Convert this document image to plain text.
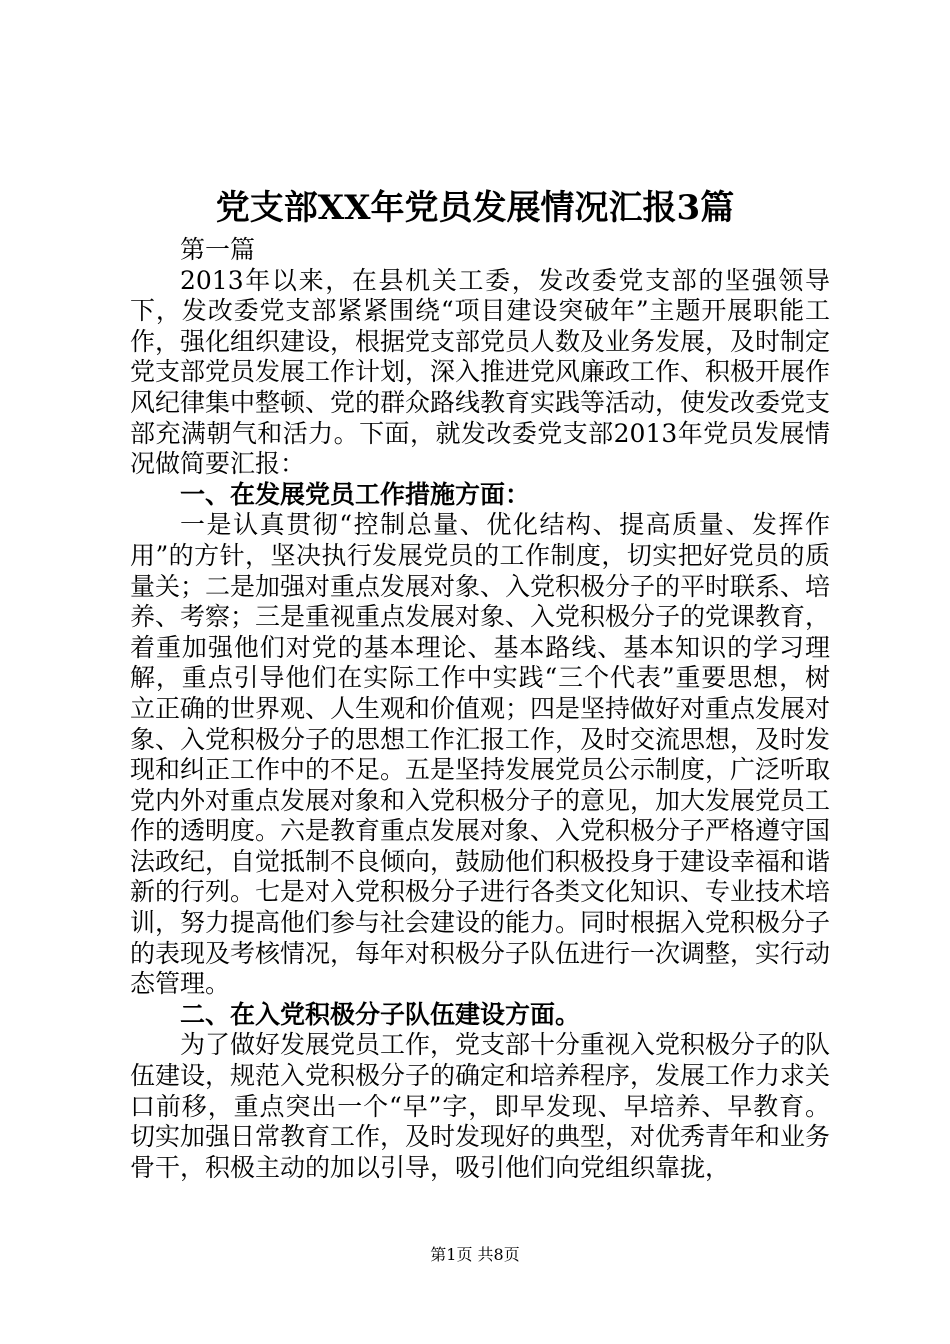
党支部XX年党员发展情况汇报3篇

第一篇

2013年以来，在县机关工委，发改委党支部的坚强领导下，发改委党支部紧紧围绕“项目建设突破年”主题开展职能工作，强化组织建设，根据党支部党员人数及业务发展，及时制定党支部党员发展工作计划，深入推进党风廉政工作、积极开展作风纪律集中整顿、党的群众路线教育实践等活动，使发改委党支部充满朝气和活力。下面，就发改委党支部2013年党员发展情况做简要汇报：

一、在发展党员工作措施方面：

一是认真贯彻“控制总量、优化结构、提高质量、发挥作用”的方针，坚决执行发展党员的工作制度，切实把好党员的质量关；二是加强对重点发展对象、入党积极分子的平时联系、培养、考察；三是重视重点发展对象、入党积极分子的党课教育，着重加强他们对党的基本理论、基本路线、基本知识的学习理解，重点引导他们在实际工作中实践“三个代表”重要思想，树立正确的世界观、人生观和价值观；四是坚持做好对重点发展对象、入党积极分子的思想工作汇报工作，及时交流思想，及时发现和纠正工作中的不足。五是坚持发展党员公示制度，广泛听取党内外对重点发展对象和入党积极分子的意见，加大发展党员工作的透明度。六是教育重点发展对象、入党积极分子严格遵守国法政纪，自觉抵制不良倾向，鼓励他们积极投身于建设幸福和谐新的行列。七是对入党积极分子进行各类文化知识、专业技术培训，努力提高他们参与社会建设的能力。同时根据入党积极分子的表现及考核情况，每年对积极分子队伍进行一次调整，实行动态管理。

二、在入党积极分子队伍建设方面。

为了做好发展党员工作，党支部十分重视入党积极分子的队伍建设，规范入党积极分子的确定和培养程序，发展工作力求关口前移，重点突出一个“早”字，即早发现、早培养、早教育。切实加强日常教育工作，及时发现好的典型，对优秀青年和业务骨干，积极主动的加以引导，吸引他们向党组织靠拢，

第1页 共8页
